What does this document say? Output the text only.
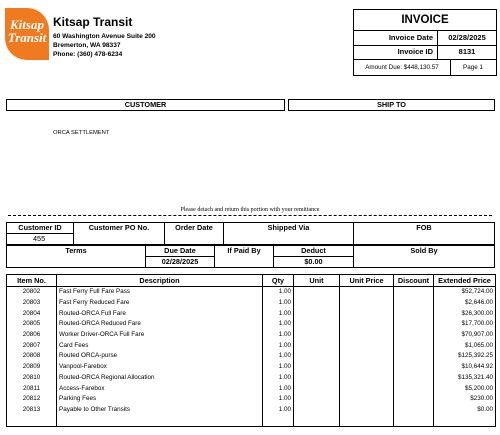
Kitsap
Transit
Kitsap Transit
60 Washington Avenue Suite 200
Bremerton, WA 98337
Phone: (360) 478-6234
INVOICE
Invoice Date	02/28/2025
Invoice ID	8131
Amount Due: $448,130.57	Page 1
CUSTOMER	SHIP TO
ORCA SETTLEMENT
Please detach and return this portion with your remittance
Customer ID
455
Customer PO No.	Order Date	Shipped Via	FOB
Terms	Due Date
02/28/2025
If Paid By	Deduct
$0.00
Sold By
Item No.	Description	Qty	Unit	Unit Price	Discount	Extended Price
20802	Fast Ferry Full Fare Pass	1.00				$52,724.00
20803	Fast Ferry Reduced Fare	1.00				$2,646.00
20804	Routed-ORCA Full Fare	1.00				$26,300.00
20805	Routed-ORCA Reduced Fare	1.00				$17,700.00
20806	Worker Driver-ORCA Full Fare	1.00				$70,907.00
20807	Card Fees	1.00				$1,065.00
20808	Routed ORCA-purse	1.00				$125,392.25
20809	Vanpool-Farebox	1.00				$10,644.92
20810	Routed-ORCA Regional Allocation	1.00				$135,321.40
20811	Access-Farebox	1.00				$5,200.00
20812	Parking Fees	1.00				$230.00
20813	Payable to Other Transits	1.00				$0.00
